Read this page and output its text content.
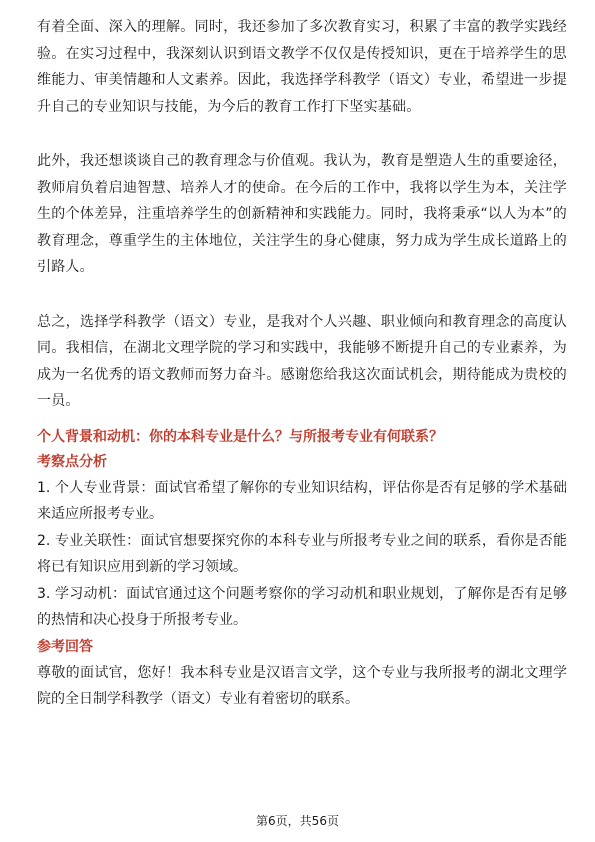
有着全面、深入的理解。同时，我还参加了多次教育实习，积累了丰富的教学实践经验。在实习过程中，我深刻认识到语文教学不仅仅是传授知识，更在于培养学生的思维能力、审美情趣和人文素养。因此，我选择学科教学（语文）专业，希望进一步提升自己的专业知识与技能，为今后的教育工作打下坚实基础。

此外，我还想谈谈自己的教育理念与价值观。我认为，教育是塑造人生的重要途径，教师肩负着启迪智慧、培养人才的使命。在今后的工作中，我将以学生为本，关注学生的个体差异，注重培养学生的创新精神和实践能力。同时，我将秉承“以人为本”的教育理念，尊重学生的主体地位，关注学生的身心健康，努力成为学生成长道路上的引路人。

总之，选择学科教学（语文）专业，是我对个人兴趣、职业倾向和教育理念的高度认同。我相信，在湖北文理学院的学习和实践中，我能够不断提升自己的专业素养，为成为一名优秀的语文教师而努力奋斗。感谢您给我这次面试机会，期待能成为贵校的一员。

个人背景和动机：你的本科专业是什么？与所报考专业有何联系？

考察点分析

1. 个人专业背景：面试官希望了解你的专业知识结构，评估你是否有足够的学术基础来适应所报考专业。

2. 专业关联性：面试官想要探究你的本科专业与所报考专业之间的联系，看你是否能将已有知识应用到新的学习领域。

3. 学习动机：面试官通过这个问题考察你的学习动机和职业规划，了解你是否有足够的热情和决心投身于所报考专业。

参考回答

尊敬的面试官，您好！我本科专业是汉语言文学，这个专业与我所报考的湖北文理学院的全日制学科教学（语文）专业有着密切的联系。

第6页，共56页
